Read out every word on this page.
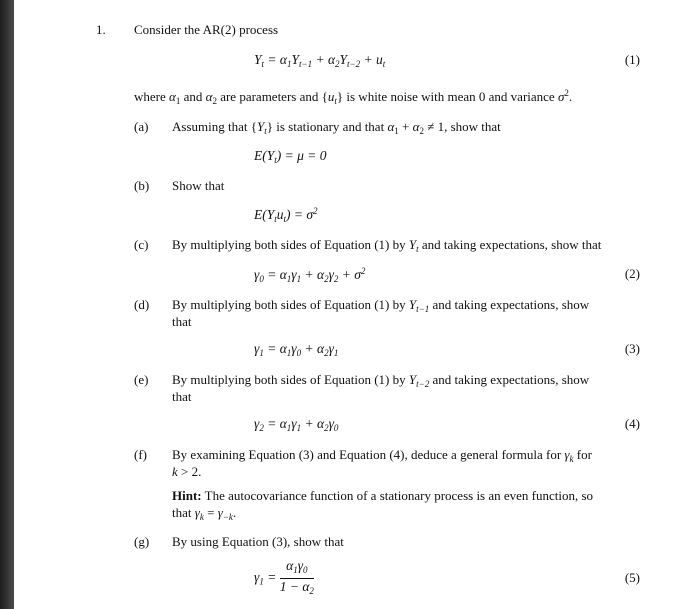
1. Consider the AR(2) process
$Y_t = \alpha_1Y_{t-1} + \alpha_2Y_{t-2} + u_t$	(1)
where $\alpha_1$ and $\alpha_2$ are parameters and $\{u_t\}$ is white noise with mean 0 and variance $\sigma^2$.
(a) Assuming that $\{Y_t\}$ is stationary and that $\alpha_1 + \alpha_2 \ne 1$, show that
$E(Y_t) = \mu = 0$
(b) Show that
$E(Y_tu_t) = \sigma^2$
(c) By multiplying both sides of Equation (1) by $Y_t$ and taking expectations, show that
$\gamma_0 = \alpha_1\gamma_1 + \alpha_2\gamma_2 + \sigma^2$	(2)
(d) By multiplying both sides of Equation (1) by $Y_{t-1}$ and taking expectations, show
that
$\gamma_1 = \alpha_1\gamma_0 + \alpha_2\gamma_1$	(3)
(e) By multiplying both sides of Equation (1) by $Y_{t-2}$ and taking expectations, show
that
$\gamma_2 = \alpha_1\gamma_1 + \alpha_2\gamma_0$	(4)
(f) By examining Equation (3) and Equation (4), deduce a general formula for $\gamma_k$ for
k > 2.
Hint: The autocovariance function of a stationary process is an even function, so
that $\gamma_k = \gamma_{-k}$.
(g) By using Equation (3), show that
$\gamma_1 = \frac{\alpha_1\gamma_0}{1 - \alpha_2}$	(5)
